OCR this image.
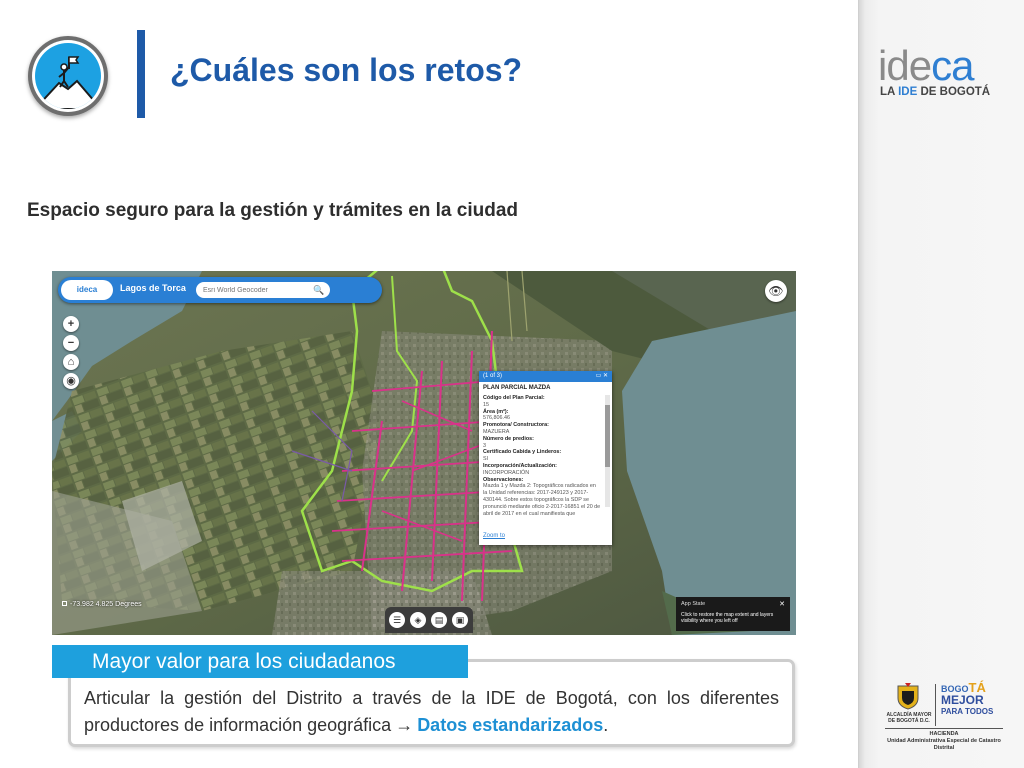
ideca
LA IDE DE BOGOTÁ
ALCALDÍA MAYOR DE BOGOTÁ D.C.
BOGOTÁ
MEJOR
PARA TODOS
HACIENDA
Unidad Administrativa Especial de Catastro Distrital
¿Cuáles son los retos?
Espacio seguro para la gestión y trámites en la ciudad
ideca	Lagos de Torca
Esri World Geocoder	🔍	👁
+
−
⌂
◉	(1 of 3)	▭ ✕
PLAN PARCIAL MAZDA
Código del Plan Parcial:
15
Área (m²):
576,806.46
Promotora/ Constructora:
MAZUERA
Número de predios:
3
Certificado Cabida y Linderos:
SI
Incorporación/Actualización:
INCORPORACIÓN
Observaciones:
Mazda 1 y Mazda 2: Topográficos radicados en la Unidad referencias: 2017-249123 y 2017-430144. Sobre estos topográficos la SDP se pronunció mediante oficio 2-2017-16851 el 20 de abril de 2017 en el cual manifiesta que
Zoom to
-73.982 4.825 Degrees
☰	◈	▤	▣
App State	✕
Click to restore the map extent and layers visibility where you left off
Mayor valor para los ciudadanos
Articular la gestión del Distrito a través de la IDE de Bogotá, con los diferentes productores de información geográfica → Datos estandarizados.
